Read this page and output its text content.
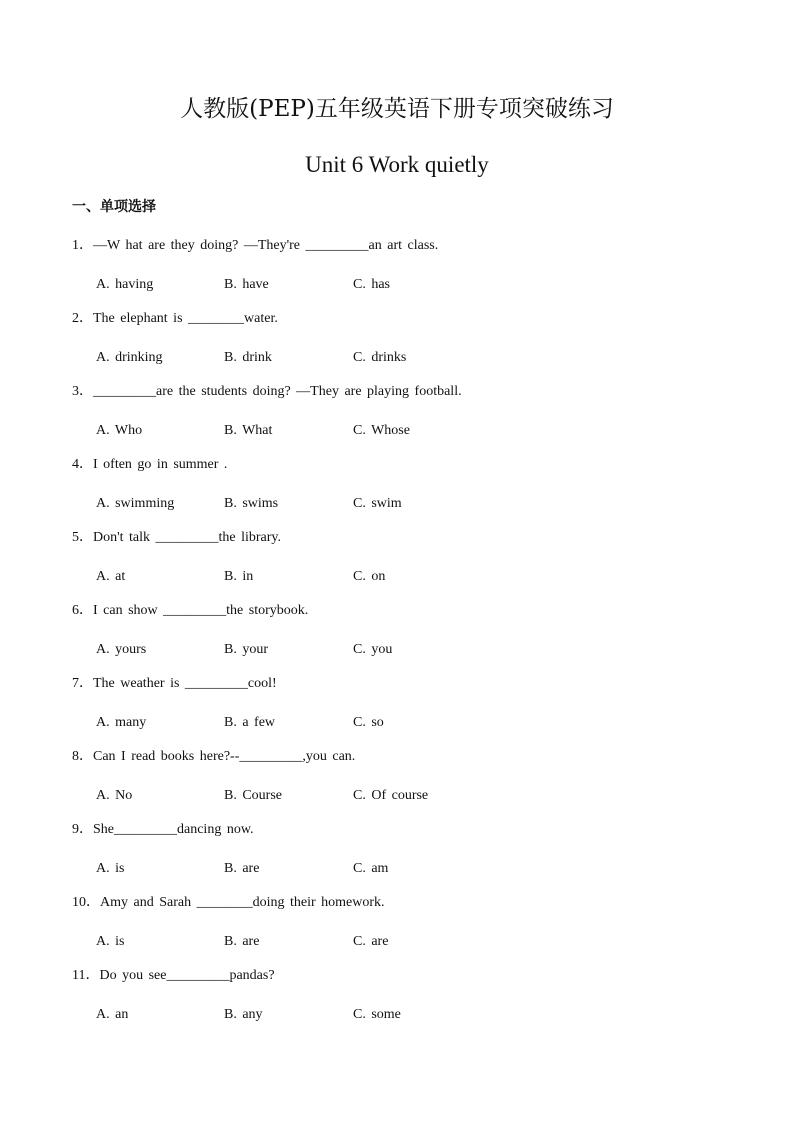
人教版(PEP)五年级英语下册专项突破练习
Unit 6 Work quietly
一、单项选择
1．—W hat are they doing? —They're _________an art class.
A. having	B. have	C. has
2．The elephant is ________water.
A. drinking	B. drink	C. drinks
3．_________are the students doing? —They are playing football.
A. Who	B. What	C. Whose
4．I often go in summer .
A. swimming	B. swims	C. swim
5．Don't talk _________the library.
A. at	B. in	C. on
6．I can show _________the storybook.
A. yours	B. your	C. you
7．The weather is _________cool!
A. many	B. a few	C. so
8．Can I read books here?--_________,you can.
A. No	B. Course	C. Of course
9．She_________dancing now.
A. is	B. are	C. am
10．Amy and Sarah ________doing their homework.
A. is	B. are	C. are
11．Do you see_________pandas?
A. an	B. any	C. some
